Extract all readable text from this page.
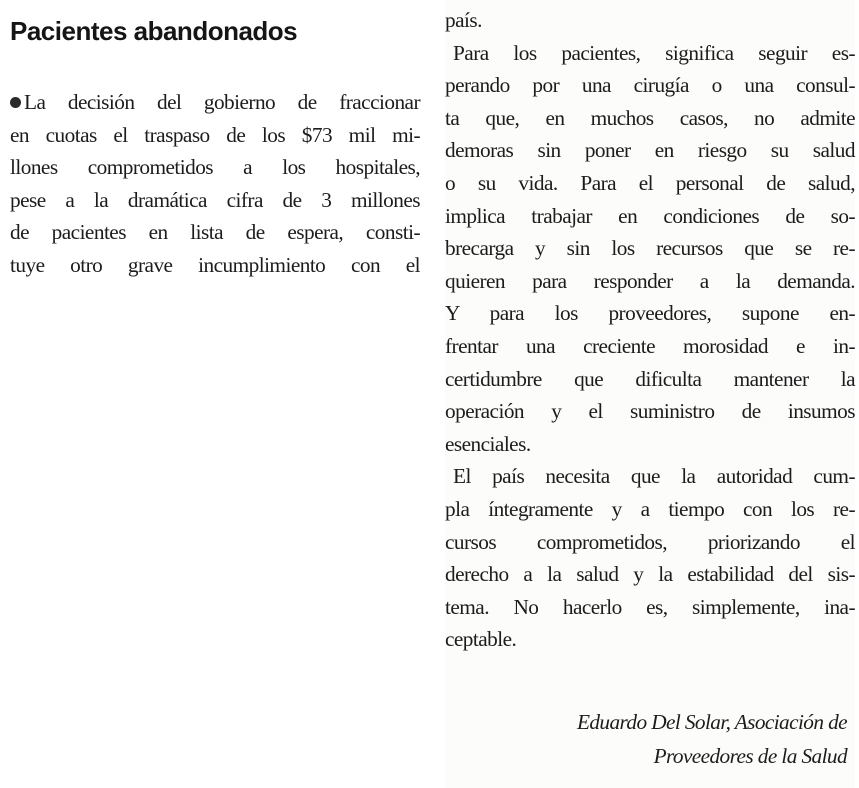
Pacientes abandonados
La decisión del gobierno de fraccionar
en cuotas el traspaso de los $73 mil mi-
llones comprometidos a los hospitales,
pese a la dramática cifra de 3 millones
de pacientes en lista de espera, consti-
tuye otro grave incumplimiento con el
país.
Para los pacientes, significa seguir es-
perando por una cirugía o una consul-
ta que, en muchos casos, no admite
demoras sin poner en riesgo su salud
o su vida. Para el personal de salud,
implica trabajar en condiciones de so-
brecarga y sin los recursos que se re-
quieren para responder a la demanda.
Y para los proveedores, supone en-
frentar una creciente morosidad e in-
certidumbre que dificulta mantener la
operación y el suministro de insumos
esenciales.
El país necesita que la autoridad cum-
pla íntegramente y a tiempo con los re-
cursos comprometidos, priorizando el
derecho a la salud y la estabilidad del sis-
tema. No hacerlo es, simplemente, ina-
ceptable.
Eduardo Del Solar, Asociación de
Proveedores de la Salud
